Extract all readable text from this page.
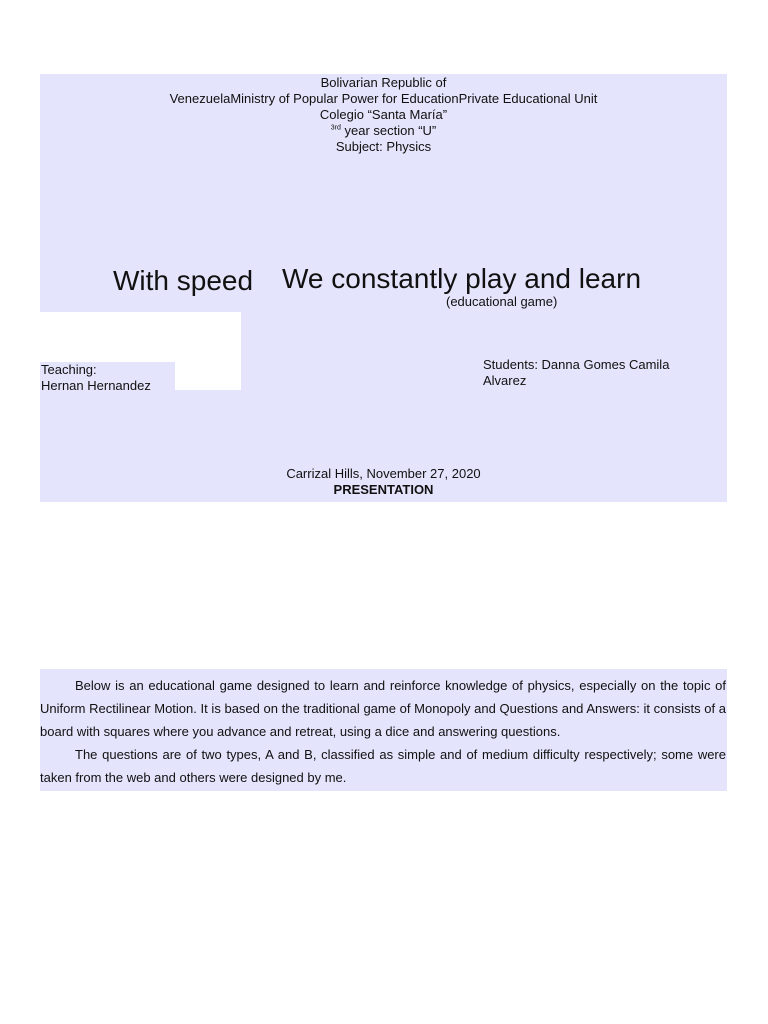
Bolivarian Republic of
VenezuelaMinistry of Popular Power for EducationPrivate Educational Unit
Colegio “Santa María”
$^{3rd}$ year section “U”
Subject: Physics
With speed We constantly play and learn
(educational game)
Teaching:
Hernan Hernandez
Students: Danna Gomes Camila Alvarez
Carrizal Hills, November 27, 2020
PRESENTATION

Below is an educational game designed to learn and reinforce knowledge of physics, especially on the topic of Uniform Rectilinear Motion. It is based on the traditional game of Monopoly and Questions and Answers: it consists of a board with squares where you advance and retreat, using a dice and answering questions.

The questions are of two types, A and B, classified as simple and of medium difficulty respectively; some were taken from the web and others were designed by me.
